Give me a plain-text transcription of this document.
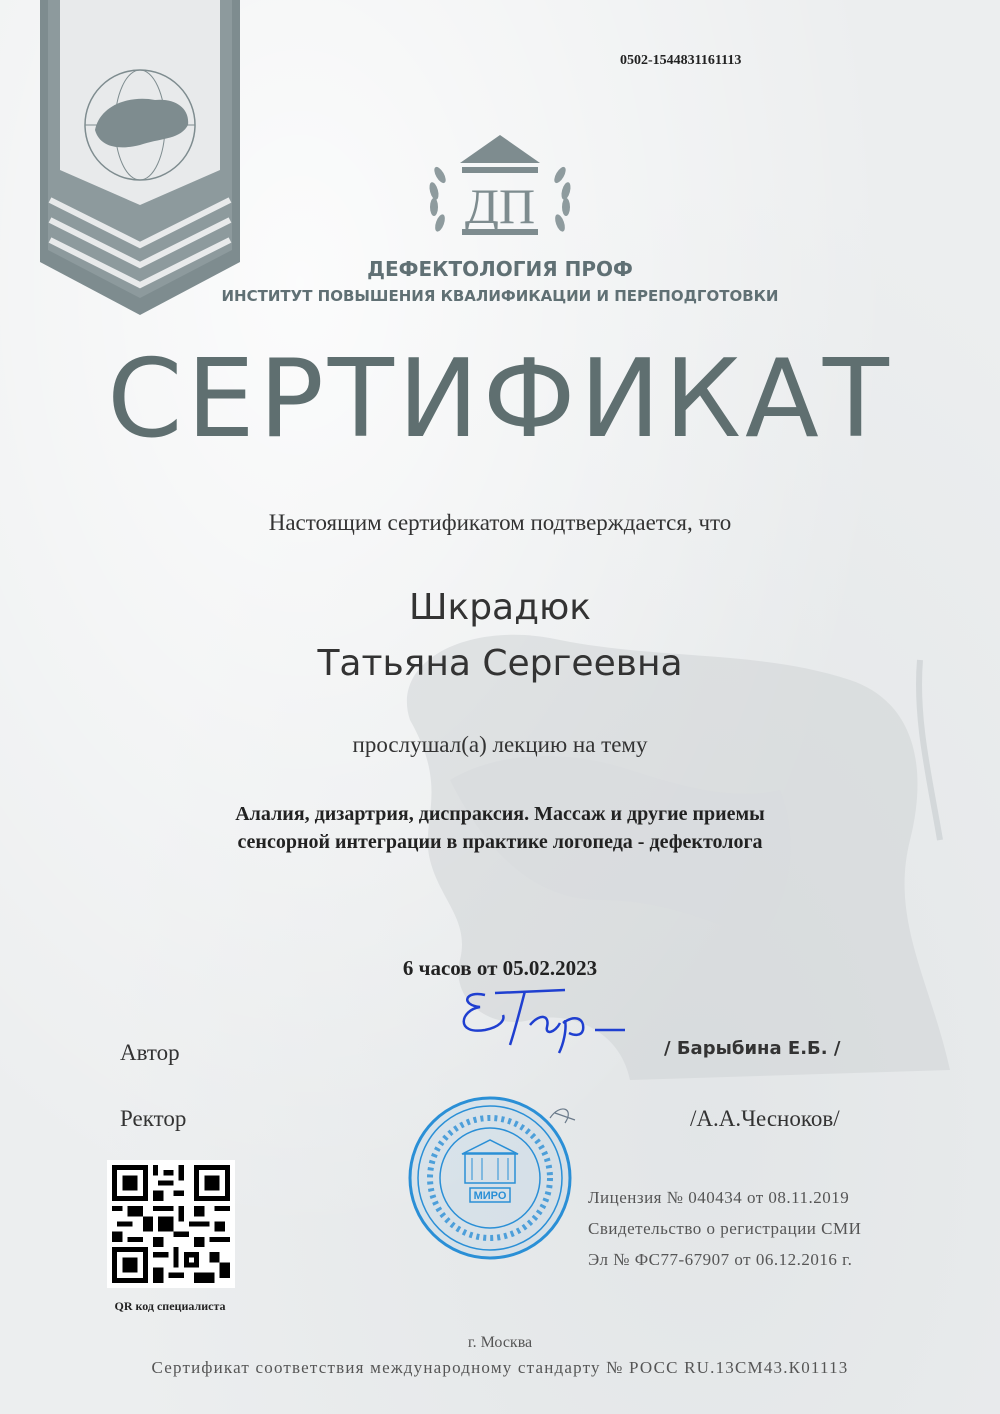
0502-1544831161113
ДП
ДЕФЕКТОЛОГИЯ ПРОФ
ИНСТИТУТ ПОВЫШЕНИЯ КВАЛИФИКАЦИИ И ПЕРЕПОДГОТОВКИ
СЕРТИФИКАТ
Настоящим сертификатом подтверждается, что
Шкрадюк
Татьяна Сергеевна
прослушал(а) лекцию на тему
Алалия, дизартрия, диспраксия. Массаж и другие приемы
сенсорной интеграции в практике логопеда - дефектолога
6 часов от 05.02.2023
Автор	/ Барыбина Е.Б. /
Ректор	/А.А.Чесноков/
МИРО
QR код специалиста
Лицензия № 040434 от 08.11.2019
Свидетельство о регистрации СМИ
Эл № ФС77-67907 от 06.12.2016 г.
г. Москва
Сертификат соответствия международному стандарту № РОСС RU.13СМ43.К01113
